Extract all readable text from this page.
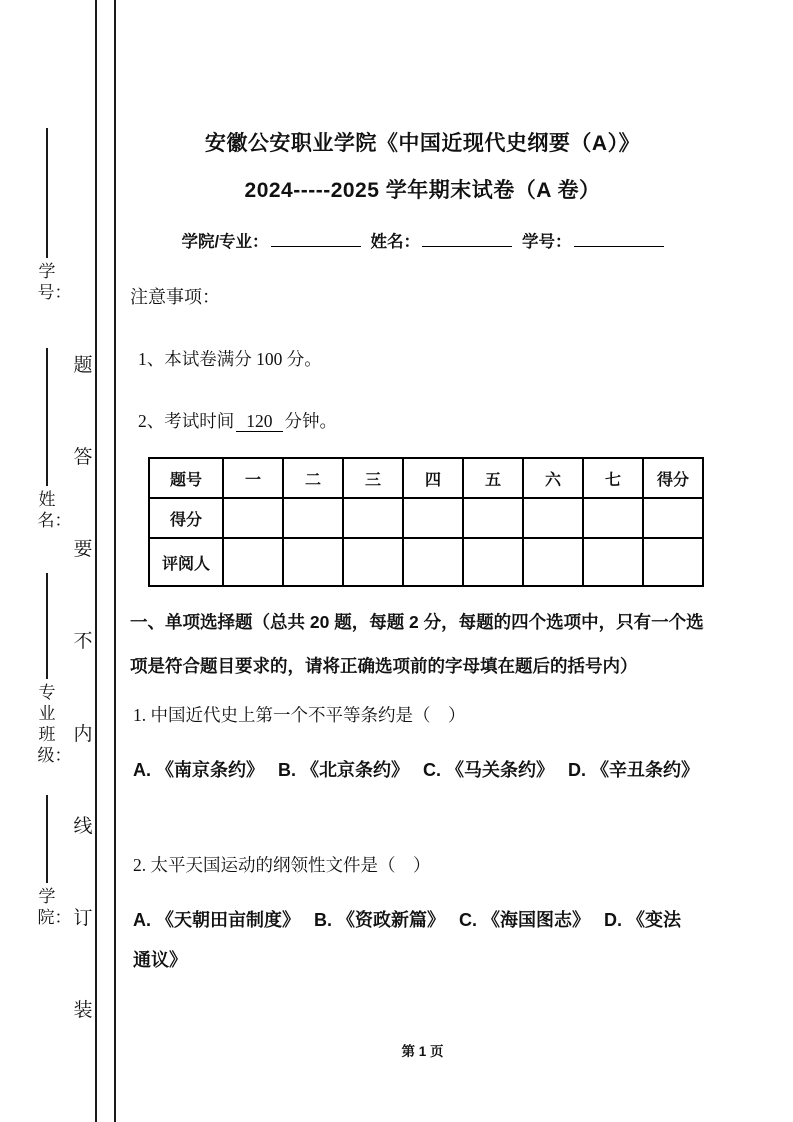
学号：
姓名：
专业班级：
学院：
题
答
要
不
内
线
订
装
安徽公安职业学院《中国近现代史纲要（A）》
2024-----2025 学年期末试卷（A 卷）
学院/专业：	姓名：	学号：
注意事项：
1、本试卷满分 100 分。
2、考试时间 120 分钟。
题号	一	二	三	四	五	六	七	得分
得分								
评阅人								
一、单项选择题（总共 20 题，每题 2 分，每题的四个选项中，只有一个选项是符合题目要求的，请将正确选项前的字母填在题后的括号内）
1. 中国近代史上第一个不平等条约是（　）
A. 《南京条约》　 B. 《北京条约》　 C. 《马关条约》　 D. 《辛丑条约》
2. 太平天国运动的纲领性文件是（　）
A. 《天朝田亩制度》　 B. 《资政新篇》　 C. 《海国图志》　 D. 《变法通议》
第 1 页
